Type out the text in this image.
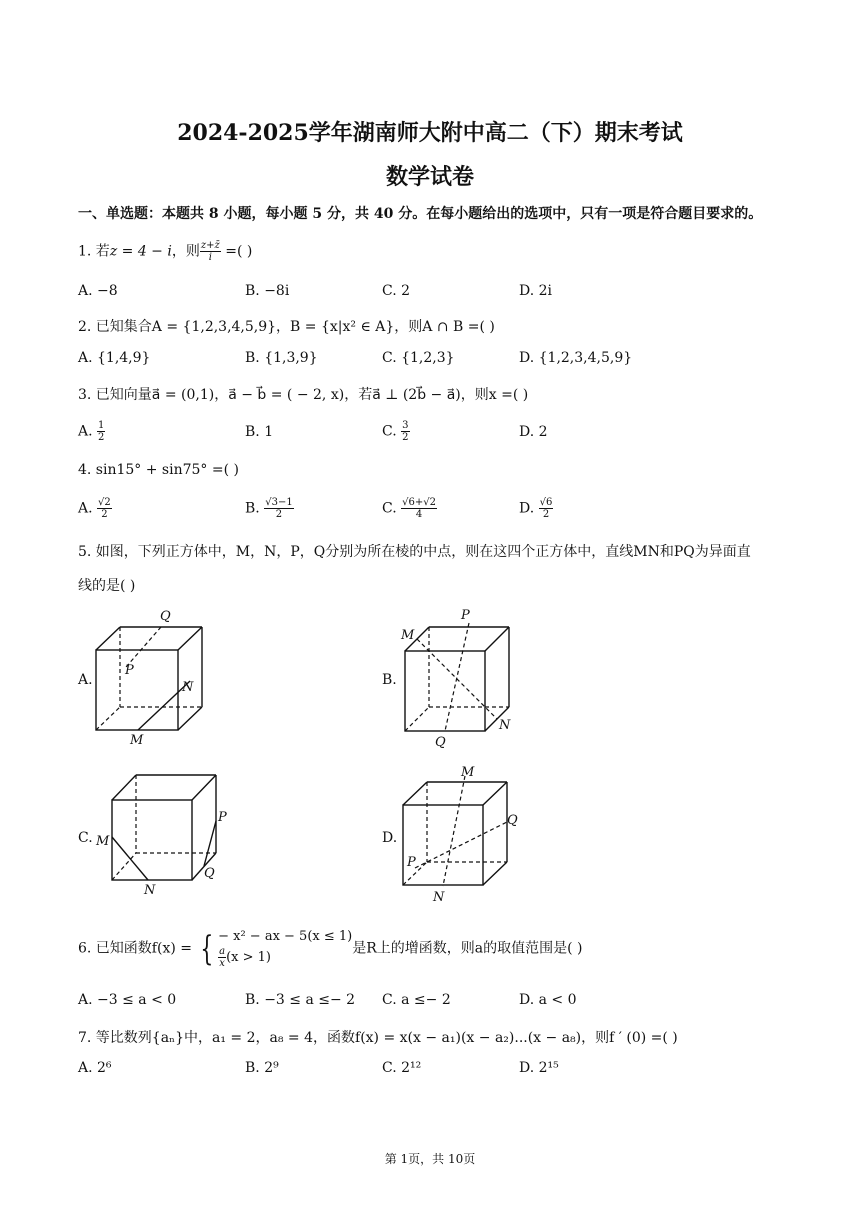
2024-2025学年湖南师大附中高二（下）期末考试
数学试卷
一、单选题：本题共 8 小题，每小题 5 分，共 40 分。在每小题给出的选项中，只有一项是符合题目要求的。
1. 若z = 4 − i，则 $\frac{z+z̄}{i}$ =( )
A. −8	B. −8i	C. 2	D. 2i
2. 已知集合A = {1,2,3,4,5,9}，B = {x|x² ∈ A}，则A ∩ B =( )
A. {1,4,9}	B. {1,3,9}	C. {1,2,3}	D. {1,2,3,4,5,9}
3. 已知向量a⃗ = (0,1)，a⃗ − b⃗ = ( − 2, x)，若a⃗ ⊥ (2b⃗ − a⃗)，则x =( )
A. $\frac{1}{2}$	B. 1	C. $\frac{3}{2}$	D. 2
4. sin15° + sin75° =( )
A. $\frac{√2}{2}$	B. $\frac{√3-1}{2}$	C. $\frac{√6+√2}{4}$	D. $\frac{√6}{2}$
5. 如图，下列正方体中，M，N，P，Q分别为所在棱的中点，则在这四个正方体中，直线MN和PQ为异面直
线的是( )
A.	B.
C.	D.
Q
P
N
M
P
M
N
Q
P
M
N
Q
M
Q
P
N
6. 已知函数f(x) = { − x² − ax − 5(x ≤ 1)
$\frac{a}{x} (x > 1)$
是R上的增函数，则a的取值范围是( )
A. −3 ≤ a < 0	B. −3 ≤ a ≤− 2 C. a ≤− 2	D. a < 0
7. 等比数列{aₙ}中，a₁ = 2，a₈ = 4，函数f(x) = x(x − a₁)(x − a₂)...(x − a₈)，则f ′ (0) =( )
A. 2⁶	B. 2⁹	C. 2¹²	D. 2¹⁵
第 1页，共 10页
